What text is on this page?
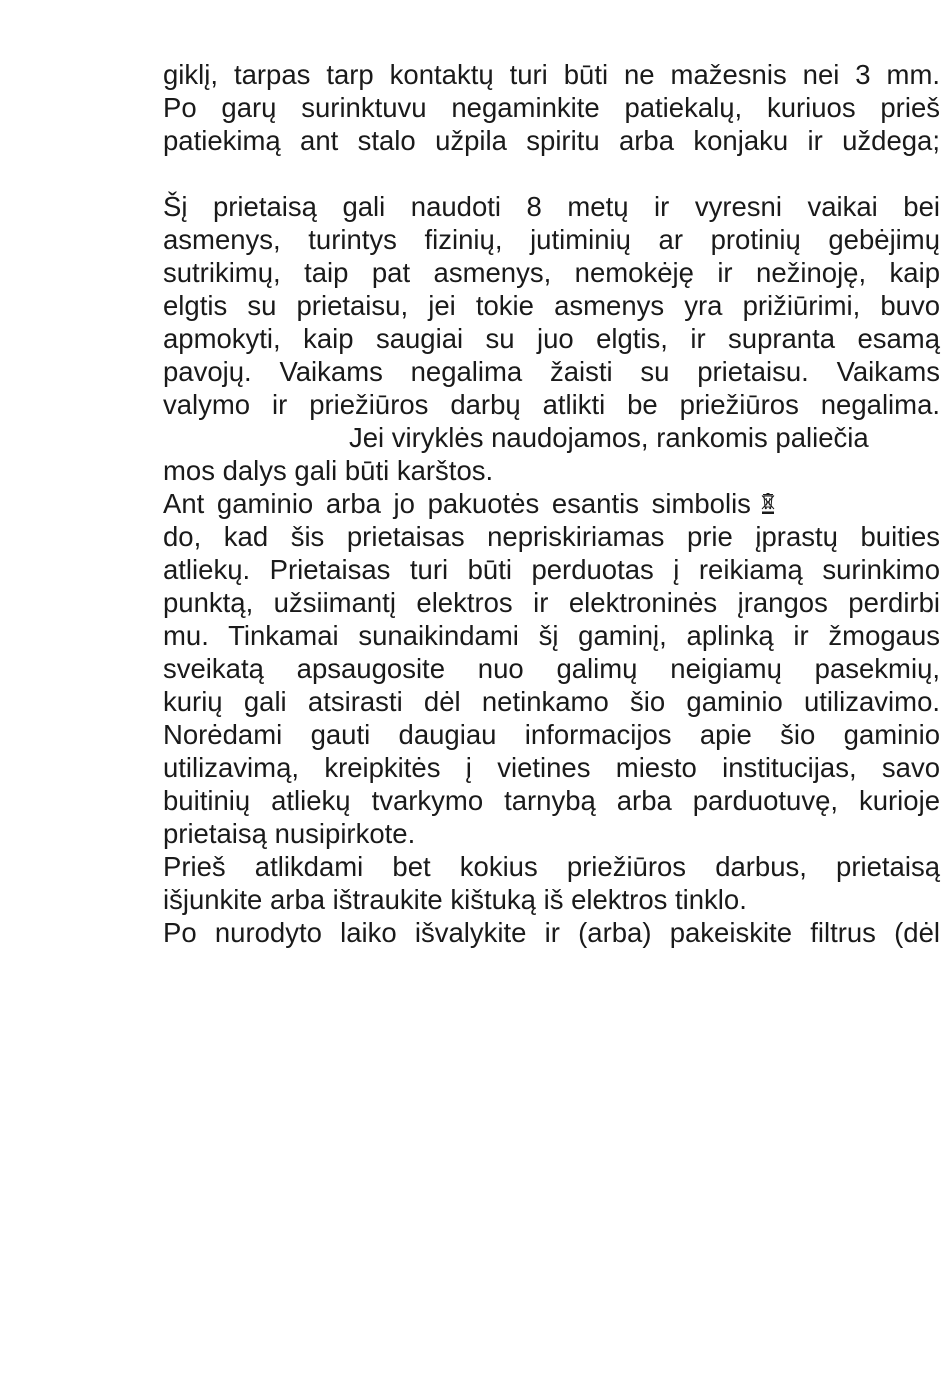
giklį, tarpas tarp kontaktų turi būti ne mažesnis nei 3 mm.
Po garų surinktuvu negaminkite patiekalų, kuriuos prieš
patiekimą ant stalo užpila spiritu arba konjaku ir uždega;
Šį prietaisą gali naudoti 8 metų ir vyresni vaikai bei
asmenys, turintys fizinių, jutiminių ar protinių gebėjimų
sutrikimų, taip pat asmenys, nemokėję ir nežinoję, kaip
elgtis su prietaisu, jei tokie asmenys yra prižiūrimi, buvo
apmokyti, kaip saugiai su juo elgtis, ir supranta esamą
pavojų. Vaikams negalima žaisti su prietaisu. Vaikams
valymo ir priežiūros darbų atlikti be priežiūros negalima.
Jei viryklės naudojamos, rankomis paliečia
mos dalys gali būti karštos.
Ant gaminio arba jo pakuotės esantis simbolis
do, kad šis prietaisas nepriskiriamas prie įprastų buities
atliekų. Prietaisas turi būti perduotas į reikiamą surinkimo
punktą, užsiimantį elektros ir elektroninės įrangos perdirbi
mu. Tinkamai sunaikindami šį gaminį, aplinką ir žmogaus
sveikatą apsaugosite nuo galimų neigiamų pasekmių,
kurių gali atsirasti dėl netinkamo šio gaminio utilizavimo.
Norėdami gauti daugiau informacijos apie šio gaminio
utilizavimą, kreipkitės į vietines miesto institucijas, savo
buitinių atliekų tvarkymo tarnybą arba parduotuvę, kurioje
prietaisą nusipirkote.
Prieš atlikdami bet kokius priežiūros darbus, prietaisą
išjunkite arba ištraukite kištuką iš elektros tinklo.
Po nurodyto laiko išvalykite ir (arba) pakeiskite filtrus (dėl
